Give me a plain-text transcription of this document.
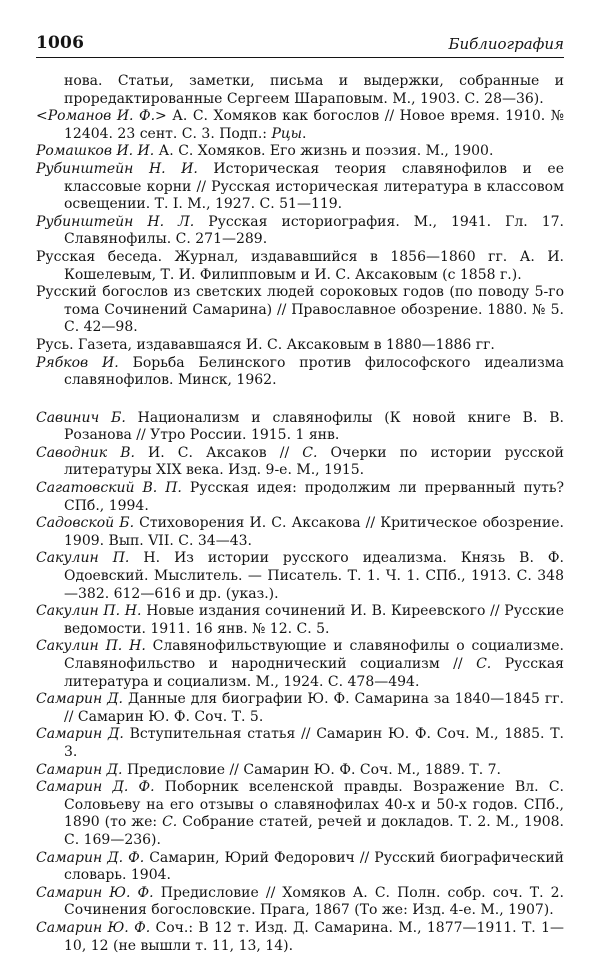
1006	Библиография
нова. Статьи, заметки, письма и выдержки, собранные и проредактированные Сергеем Шараповым. М., 1903. С. 28—36).
<Романов И. Ф.> А. С. Хомяков как богослов // Новое время. 1910. № 12404. 23 сент. С. 3. Подп.: Рцы.
Ромашков И. И. А. С. Хомяков. Его жизнь и поэзия. М., 1900.
Рубинштейн Н. И. Историческая теория славянофилов и ее классовые корни // Русская историческая литература в классовом освещении. Т. I. М., 1927. С. 51—119.
Рубинштейн Н. Л. Русская историография. М., 1941. Гл. 17. Славянофилы. С. 271—289.
Русская беседа. Журнал, издававшийся в 1856—1860 гг. А. И. Кошелевым, Т. И. Филипповым и И. С. Аксаковым (с 1858 г.).
Русский богослов из светских людей сороковых годов (по поводу 5-го тома Сочинений Самарина) // Православное обозрение. 1880. № 5. С. 42—98.
Русь. Газета, издававшаяся И. С. Аксаковым в 1880—1886 гг.
Рябков И. Борьба Белинского против философского идеализма славянофилов. Минск, 1962.
Савинич Б. Национализм и славянофилы (К новой книге В. В. Розанова // Утро России. 1915. 1 янв.
Саводник В. И. С. Аксаков // С. Очерки по истории русской литературы XIX века. Изд. 9-е. М., 1915.
Сагатовский В. П. Русская идея: продолжим ли прерванный путь? СПб., 1994.
Садовской Б. Стиховорения И. С. Аксакова // Критическое обозрение. 1909. Вып. VII. С. 34—43.
Сакулин П. Н. Из истории русского идеализма. Князь В. Ф. Одоевский. Мыслитель. — Писатель. Т. 1. Ч. 1. СПб., 1913. С. 348—382. 612—616 и др. (указ.).
Сакулин П. Н. Новые издания сочинений И. В. Киреевского // Русские ведомости. 1911. 16 янв. № 12. С. 5.
Сакулин П. Н. Славянофильствующие и славянофилы о социализме. Славянофильство и народнический социализм // С. Русская литература и социализм. М., 1924. С. 478—494.
Самарин Д. Данные для биографии Ю. Ф. Самарина за 1840—1845 гг. // Самарин Ю. Ф. Соч. Т. 5.
Самарин Д. Вступительная статья // Самарин Ю. Ф. Соч. М., 1885. Т. 3.
Самарин Д. Предисловие // Самарин Ю. Ф. Соч. М., 1889. Т. 7.
Самарин Д. Ф. Поборник вселенской правды. Возражение Вл. С. Соловьеву на его отзывы о славянофилах 40-х и 50-х годов. СПб., 1890 (то же: С. Собрание статей, речей и докладов. Т. 2. М., 1908. С. 169—236).
Самарин Д. Ф. Самарин, Юрий Федорович // Русский биографический словарь. 1904.
Самарин Ю. Ф. Предисловие // Хомяков А. С. Полн. собр. соч. Т. 2. Сочинения богословские. Прага, 1867 (То же: Изд. 4-е. М., 1907).
Самарин Ю. Ф. Соч.: В 12 т. Изд. Д. Самарина. М., 1877—1911. Т. 1—10, 12 (не вышли т. 11, 13, 14).
